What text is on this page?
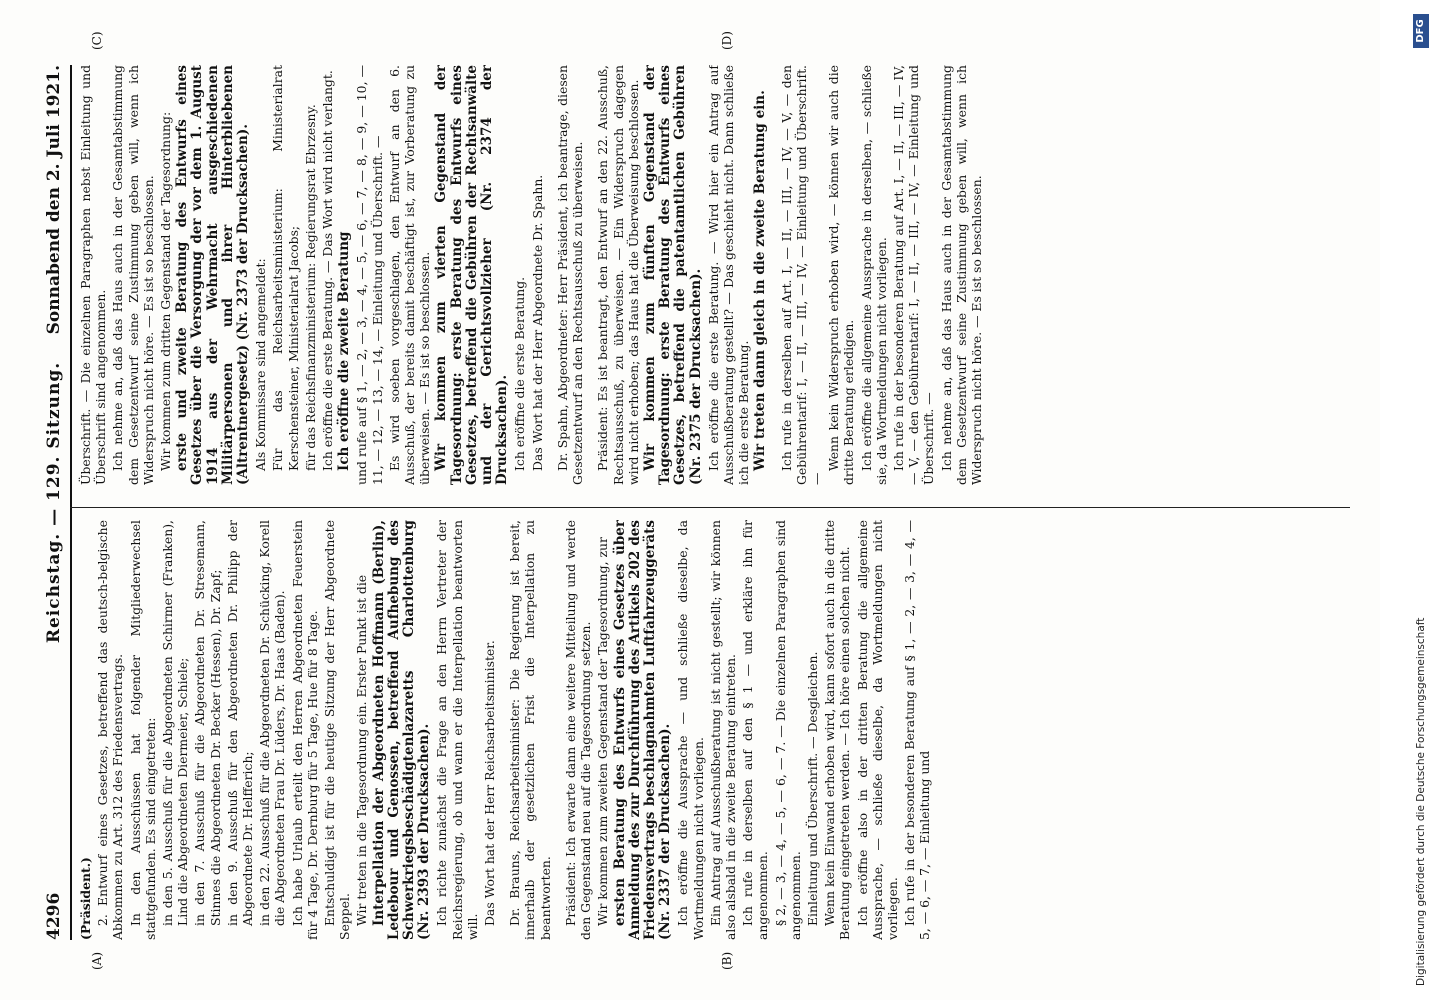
4296
Reichstag. — 129. Sitzung.
Sonnabend den 2. Juli 1921.
(A)	(B)
(C)	(D)

(Präsident.) 2. Entwurf eines Gesetzes, betreffend das deutsch-belgische Abkommen zu Art. 312 des Friedensvertrags. In den Ausschüssen hat folgender Mitgliederwechsel stattgefunden. Es sind eingetreten: in den 5. Ausschuß für die Abgeordneten Schirmer (Franken), Lind die Abgeordneten Diermeier, Schiele; in den 7. Ausschuß für die Abgeordneten Dr. Stresemann, Stinnes die Abgeordneten Dr. Becker (Hessen), Dr. Zapf; in den 9. Ausschuß für den Abgeordneten Dr. Philipp der Abgeordnete Dr. Helfferich; in den 22. Ausschuß für die Abgeordneten Dr. Schücking, Korell die Abgeordneten Frau Dr. Lüders, Dr. Haas (Baden). Ich habe Urlaub erteilt den Herren Abgeordneten Feuerstein für 4 Tage, Dr. Dernburg für 5 Tage, Hue für 8 Tage. Entschuldigt ist für die heutige Sitzung der Herr Abgeordnete Seppel. Wir treten in die Tagesordnung ein. Erster Punkt ist die Interpellation der Abgeordneten Hoffmann (Berlin), Ledebour und Genossen, betreffend Aufhebung des Schwerkriegsbeschädigtenlazaretts Charlottenburg (Nr. 2393 der Drucksachen). Ich richte zunächst die Frage an den Herrn Vertreter der Reichsregierung, ob und wann er die Interpellation beantworten will.

Das Wort hat der Herr Reichsarbeitsminister. Dr. Brauns, Reichsarbeitsminister: Die Regierung ist bereit, innerhalb der gesetzlichen Frist die Interpellation zu beantworten. Präsident: Ich erwarte dann eine weitere Mitteilung und werde den Gegenstand neu auf die Tagesordnung setzen. Wir kommen zum zweiten Gegenstand der Tagesordnung, zur ersten Beratung des Entwurfs eines Gesetzes über Anmeldung des zur Durchführung des Artikels 202 des Friedensvertrags beschlagnahmten Luftfahrzeuggeräts (Nr. 2337 der Drucksachen). Ich eröffne die Aussprache — und schließe dieselbe, da Wortmeldungen nicht vorliegen. Ein Antrag auf Ausschußberatung ist nicht gestellt; wir können also alsbald in die zweite Beratung eintreten. Ich rufe in derselben auf den § 1 — und erkläre ihn für angenommen. § 2, — 3, — 4, — 5, — 6, — 7. — Die einzelnen Paragraphen sind angenommen. Einleitung und Überschrift. — Desgleichen. Wenn kein Einwand erhoben wird, kann sofort auch in die dritte Beratung eingetreten werden. — Ich höre einen solchen nicht. Ich eröffne also in der dritten Beratung die allgemeine Aussprache, — schließe dieselbe, da Wortmeldungen nicht vorliegen. Ich rufe in der besonderen Beratung auf § 1, — 2, — 3, — 4, — 5, — 6, — 7, — Einleitung und

Überschrift. — Die einzelnen Paragraphen nebst Einleitung und Überschrift sind angenommen. Ich nehme an, daß das Haus auch in der Gesamtabstimmung dem Gesetzentwurf seine Zustimmung geben will, wenn ich Widerspruch nicht höre. — Es ist so beschlossen. Wir kommen zum dritten Gegenstand der Tagesordnung: erste und zweite Beratung des Entwurfs eines Gesetzes über die Versorgung der vor dem 1. August 1914 aus der Wehrmacht ausgeschiedenen Militärpersonen und ihrer Hinterbliebenen (Altrentnergesetz) (Nr. 2373 der Drucksachen). Als Kommissare sind angemeldet: Für das Reichsarbeitsministerium: Ministerialrat Kerschensteiner, Ministerialrat Jacobs; für das Reichsfinanzministerium: Regierungsrat Ebrzesny. Ich eröffne die erste Beratung. — Das Wort wird nicht verlangt. Ich eröffne die zweite Beratung und rufe auf § 1, — 2, — 3, — 4, — 5, — 6, — 7, — 8, — 9, — 10, — 11, — 12, — 13, — 14, — Einleitung und Überschrift. — Es wird soeben vorgeschlagen, den Entwurf an den 6. Ausschuß, der bereits damit beschäftigt ist, zur Vorberatung zu überweisen. — Es ist so beschlossen. Wir kommen zum vierten Gegenstand der Tagesordnung: erste Beratung des Entwurfs eines Gesetzes, betreffend die Gebühren der Rechtsanwälte und der Gerichtsvollzieher (Nr. 2374 der Drucksachen). Ich eröffne die erste Beratung. Das Wort hat der Herr Abgeordnete Dr. Spahn. Dr. Spahn, Abgeordneter: Herr Präsident, ich beantrage, diesen Gesetzentwurf an den Rechtsausschuß zu überweisen. Präsident: Es ist beantragt, den Entwurf an den 22. Ausschuß, Rechtsausschuß, zu überweisen. — Ein Widerspruch dagegen wird nicht erhoben; das Haus hat die Überweisung beschlossen. Wir kommen zum fünften Gegenstand der Tagesordnung: erste Beratung des Entwurfs eines Gesetzes, betreffend die patentamtlichen Gebühren (Nr. 2375 der Drucksachen). Ich eröffne die erste Beratung. — Wird hier ein Antrag auf Ausschußberatung gestellt? — Das geschieht nicht. Dann schließe ich die erste Beratung. Wir treten dann gleich in die zweite Beratung ein. Ich rufe in derselben auf Art. I, — II, — III, — IV, — V, — den Gebührentarif: I, — II, — III, — IV, — Einleitung und Überschrift. —

Wenn kein Widerspruch erhoben wird, — können wir auch die dritte Beratung erledigen. Ich eröffne die allgemeine Aussprache in derselben, — schließe sie, da Wortmeldungen nicht vorliegen. Ich rufe in der besonderen Beratung auf Art. I, — II, — III, — IV, — V, — den Gebührentarif: I, — II, — III, — IV, — Einleitung und Überschrift. — Ich nehme an, daß das Haus auch in der Gesamtabstimmung dem Gesetzentwurf seine Zustimmung geben will, wenn ich Widerspruch nicht höre. — Es ist so beschlossen.

DFG
Digitalisierung gefördert durch die Deutsche Forschungsgemeinschaft
